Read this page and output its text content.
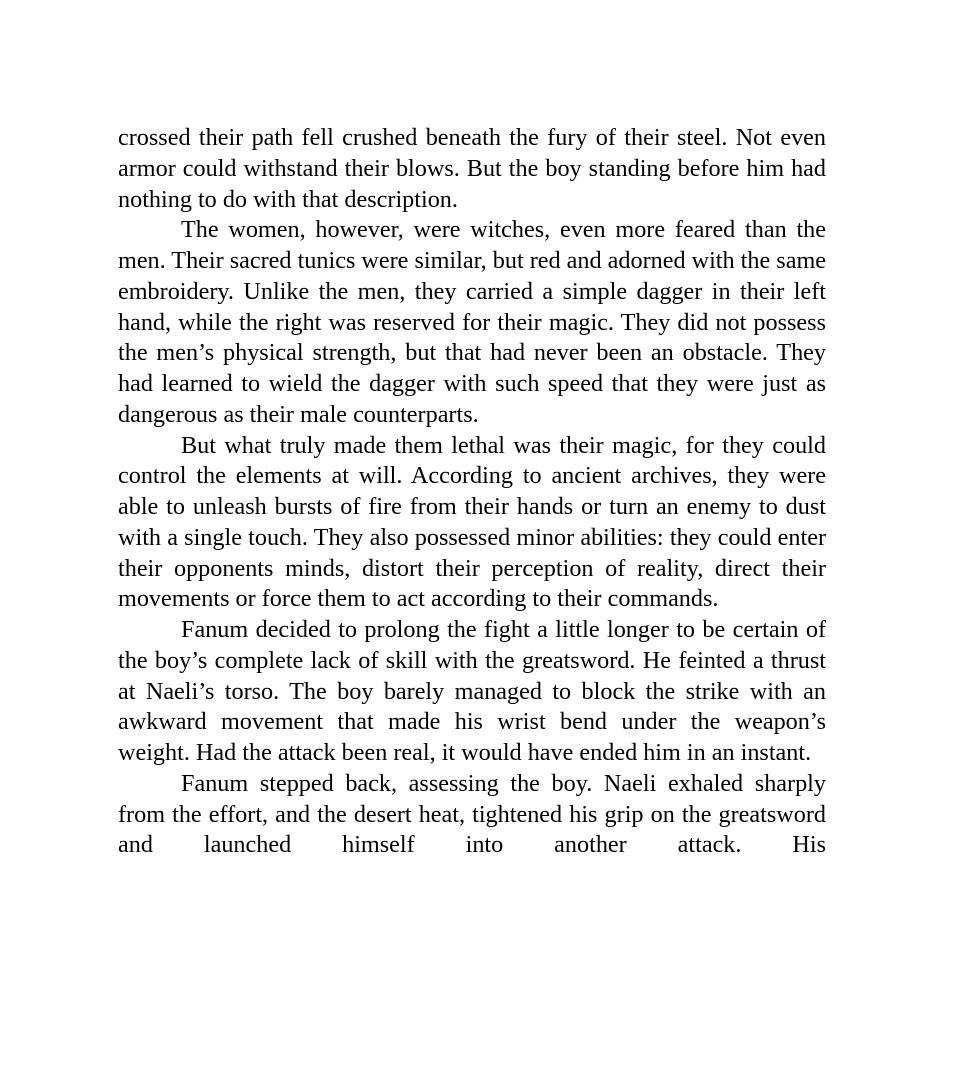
crossed their path fell crushed beneath the fury of their steel. Not even armor could withstand their blows. But the boy standing before him had nothing to do with that description.

The women, however, were witches, even more feared than the men. Their sacred tunics were similar, but red and adorned with the same embroidery. Unlike the men, they carried a simple dagger in their left hand, while the right was reserved for their magic. They did not possess the men’s physical strength, but that had never been an obstacle. They had learned to wield the dagger with such speed that they were just as dangerous as their male counterparts.

But what truly made them lethal was their magic, for they could control the elements at will. According to ancient archives, they were able to unleash bursts of fire from their hands or turn an enemy to dust with a single touch. They also possessed minor abilities: they could enter their opponents minds, distort their perception of reality, direct their movements or force them to act according to their commands.

Fanum decided to prolong the fight a little longer to be certain of the boy’s complete lack of skill with the greatsword. He feinted a thrust at Naeli’s torso. The boy barely managed to block the strike with an awkward movement that made his wrist bend under the weapon’s weight. Had the attack been real, it would have ended him in an instant.

Fanum stepped back, assessing the boy. Naeli exhaled sharply from the effort, and the desert heat, tightened his grip on the greatsword and launched himself into another attack. His
